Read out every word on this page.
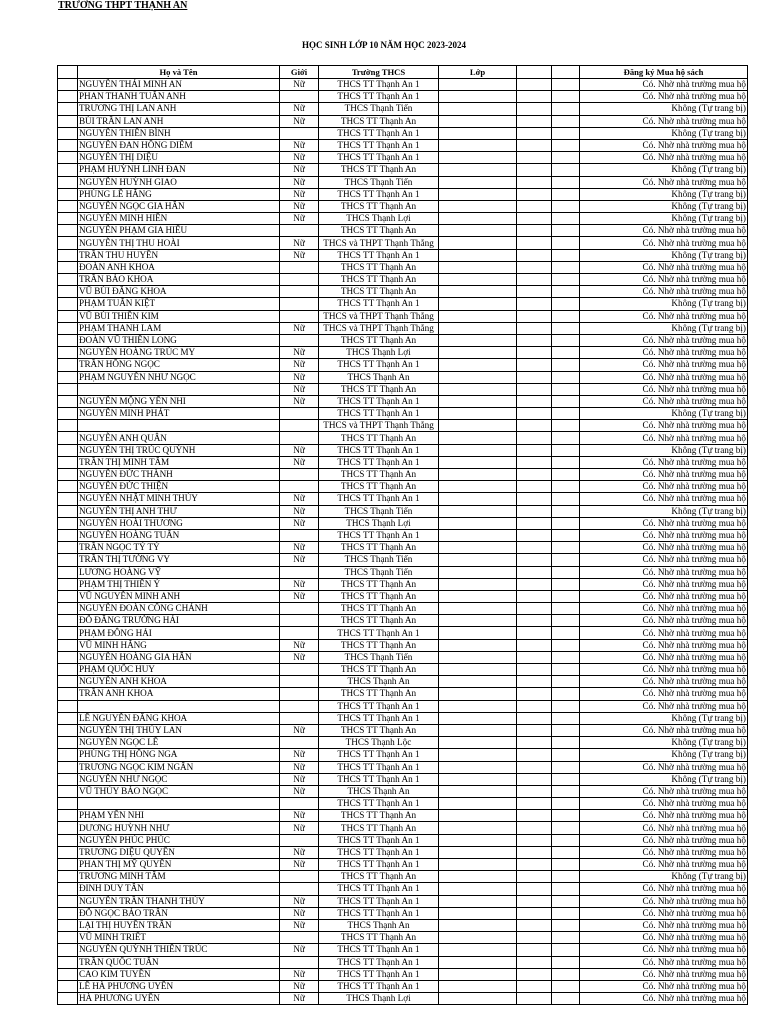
TRƯỜNG THPT THẠNH AN
HỌC SINH LỚP 10 NĂM HỌC 2023-2024
	Họ và Tên	Giới	Trường THCS	Lớp			Đăng ký Mua hộ sách
	NGUYỄN THÁI MINH AN	Nữ	THCS TT Thạnh An 1				Có. Nhờ nhà trường mua hộ
	PHAN THANH TUẤN ANH		THCS TT Thạnh An 1				Có. Nhờ nhà trường mua hộ
	TRƯƠNG THỊ LAN ANH	Nữ	THCS Thạnh Tiến				Không (Tự trang bị)
	BÙI TRẦN LAN ANH	Nữ	THCS TT Thạnh An				Có. Nhờ nhà trường mua hộ
	NGUYỄN THIÊN BÌNH		THCS TT Thạnh An 1				Không (Tự trang bị)
	NGUYỄN ĐAN HỒNG DIỄM	Nữ	THCS TT Thạnh An 1				Có. Nhờ nhà trường mua hộ
	NGUYỄN THỊ DIỆU	Nữ	THCS TT Thạnh An 1				Có. Nhờ nhà trường mua hộ
	PHẠM HUỲNH LINH ĐAN	Nữ	THCS TT Thạnh An				Không (Tự trang bị)
	NGUYỄN HUỲNH GIAO	Nữ	THCS Thạnh Tiến				Có. Nhờ nhà trường mua hộ
	PHÙNG LÊ HẰNG	Nữ	THCS TT Thạnh An 1				Không (Tự trang bị)
	NGUYỄN NGỌC GIA HÂN	Nữ	THCS TT Thạnh An				Không (Tự trang bị)
	NGUYỄN MINH HIỀN	Nữ	THCS Thạnh Lợi				Không (Tự trang bị)
	NGUYỄN PHẠM GIA HIẾU		THCS TT Thạnh An				Có. Nhờ nhà trường mua hộ
	NGUYỄN THỊ THU HOÀI	Nữ	THCS và THPT Thạnh Thắng				Có. Nhờ nhà trường mua hộ
	TRẦN THU HUYỀN	Nữ	THCS TT Thạnh An 1				Không (Tự trang bị)
	ĐOÀN ANH KHOA		THCS TT Thạnh An				Có. Nhờ nhà trường mua hộ
	TRẦN BẢO KHOA		THCS TT Thạnh An				Có. Nhờ nhà trường mua hộ
	VŨ BÙI ĐĂNG KHOA		THCS TT Thạnh An				Có. Nhờ nhà trường mua hộ
	PHẠM TUẤN KIỆT		THCS TT Thạnh An 1				Không (Tự trang bị)
	VŨ BÙI THIÊN KIM		THCS và THPT Thạnh Thắng				Có. Nhờ nhà trường mua hộ
	PHẠM THANH LAM	Nữ	THCS và THPT Thạnh Thắng				Không (Tự trang bị)
	ĐOÀN VŨ THIÊN LONG		THCS TT Thạnh An				Có. Nhờ nhà trường mua hộ
	NGUYỄN HOÀNG TRÚC MY	Nữ	THCS Thạnh Lợi				Có. Nhờ nhà trường mua hộ
	TRẦN HỒNG NGỌC	Nữ	THCS TT Thạnh An 1				Có. Nhờ nhà trường mua hộ
	PHẠM NGUYỄN NHƯ NGỌC	Nữ	THCS Thạnh An				Có. Nhờ nhà trường mua hộ
		Nữ	THCS TT Thạnh An				Có. Nhờ nhà trường mua hộ
	NGUYỄN MỘNG YẾN NHI	Nữ	THCS TT Thạnh An 1				Có. Nhờ nhà trường mua hộ
	NGUYỄN MINH PHÁT		THCS TT Thạnh An 1				Không (Tự trang bị)
			THCS và THPT Thạnh Thắng				Có. Nhờ nhà trường mua hộ
	NGUYỄN ANH QUÂN		THCS TT Thạnh An				Có. Nhờ nhà trường mua hộ
	NGUYỄN THỊ TRÚC QUỲNH	Nữ	THCS TT Thạnh An 1				Không (Tự trang bị)
	TRẦN THỊ MINH TÂM	Nữ	THCS TT Thạnh An 1				Có. Nhờ nhà trường mua hộ
	NGUYỄN ĐỨC THÀNH		THCS TT Thạnh An				Có. Nhờ nhà trường mua hộ
	NGUYỄN ĐỨC THIỆN		THCS TT Thạnh An				Có. Nhờ nhà trường mua hộ
	NGUYỄN NHẬT MINH THỦY	Nữ	THCS TT Thạnh An 1				Có. Nhờ nhà trường mua hộ
	NGUYỄN THỊ ANH THƯ	Nữ	THCS Thạnh Tiến				Không (Tự trang bị)
	NGUYỄN HOÀI THƯƠNG	Nữ	THCS Thạnh Lợi				Có. Nhờ nhà trường mua hộ
	NGUYỄN HOÀNG TUẤN		THCS TT Thạnh An 1				Có. Nhờ nhà trường mua hộ
	TRẦN NGỌC TỶ TỶ	Nữ	THCS TT Thạnh An				Có. Nhờ nhà trường mua hộ
	TRẦN THỊ TƯỜNG VY	Nữ	THCS Thạnh Tiến				Có. Nhờ nhà trường mua hộ
	LƯƠNG HOÀNG VỸ		THCS Thạnh Tiến				Có. Nhờ nhà trường mua hộ
	PHẠM THỊ THIÊN Ý	Nữ	THCS TT Thạnh An				Có. Nhờ nhà trường mua hộ
	VŨ NGUYỄN MINH ANH	Nữ	THCS TT Thạnh An				Có. Nhờ nhà trường mua hộ
	NGUYỄN ĐOÀN CÔNG CHÁNH		THCS TT Thạnh An				Có. Nhờ nhà trường mua hộ
	ĐỖ ĐĂNG TRƯỜNG HẢI		THCS TT Thạnh An				Có. Nhờ nhà trường mua hộ
	PHẠM ĐÔNG HẢI		THCS TT Thạnh An 1				Có. Nhờ nhà trường mua hộ
	VŨ MINH HẰNG	Nữ	THCS TT Thạnh An				Có. Nhờ nhà trường mua hộ
	NGUYỄN HOÀNG GIA HÂN	Nữ	THCS Thạnh Tiến				Có. Nhờ nhà trường mua hộ
	PHẠM QUỐC HUY		THCS TT Thạnh An				Có. Nhờ nhà trường mua hộ
	NGUYỄN ANH KHOA		THCS Thạnh An				Có. Nhờ nhà trường mua hộ
	TRẦN ANH KHOA		THCS TT Thạnh An				Có. Nhờ nhà trường mua hộ
			THCS TT Thạnh An 1				Có. Nhờ nhà trường mua hộ
	LÊ NGUYỄN ĐĂNG KHOA		THCS TT Thạnh An 1				Không (Tự trang bị)
	NGUYỄN THỊ THÚY LAN	Nữ	THCS TT Thạnh An				Có. Nhờ nhà trường mua hộ
	NGUYỄN NGỌC LỄ		THCS Thạnh Lộc				Không (Tự trang bị)
	PHÙNG THỊ HỒNG NGA	Nữ	THCS TT Thạnh An 1				Không (Tự trang bị)
	TRƯƠNG NGỌC KIM NGÂN	Nữ	THCS TT Thạnh An 1				Có. Nhờ nhà trường mua hộ
	NGUYỄN NHƯ NGỌC	Nữ	THCS TT Thạnh An 1				Không (Tự trang bị)
	VŨ THỦY BẢO NGỌC	Nữ	THCS Thạnh An				Có. Nhờ nhà trường mua hộ
			THCS TT Thạnh An 1				Có. Nhờ nhà trường mua hộ
	PHẠM YẾN NHI	Nữ	THCS TT Thạnh An				Có. Nhờ nhà trường mua hộ
	DƯƠNG HUỲNH NHƯ	Nữ	THCS TT Thạnh An				Có. Nhờ nhà trường mua hộ
	NGUYỄN PHÚC PHÚC		THCS TT Thạnh An 1				Có. Nhờ nhà trường mua hộ
	TRƯƠNG DIỆU QUYÊN	Nữ	THCS TT Thạnh An 1				Có. Nhờ nhà trường mua hộ
	PHAN THỊ MỸ QUYÊN	Nữ	THCS TT Thạnh An 1				Có. Nhờ nhà trường mua hộ
	TRƯƠNG MINH TÂM		THCS TT Thạnh An				Không (Tự trang bị)
	ĐINH DUY TÂN		THCS TT Thạnh An 1				Có. Nhờ nhà trường mua hộ
	NGUYỄN TRẦN THANH THỦY	Nữ	THCS TT Thạnh An 1				Có. Nhờ nhà trường mua hộ
	ĐỖ NGỌC BẢO TRÂN	Nữ	THCS TT Thạnh An 1				Có. Nhờ nhà trường mua hộ
	LẠI THỊ HUYỀN TRÂN	Nữ	THCS Thạnh An				Có. Nhờ nhà trường mua hộ
	VŨ MINH TRIẾT		THCS TT Thạnh An				Có. Nhờ nhà trường mua hộ
	NGUYỄN QUỲNH THIÊN TRÚC	Nữ	THCS TT Thạnh An 1				Có. Nhờ nhà trường mua hộ
	TRẦN QUỐC TUẤN		THCS TT Thạnh An 1				Có. Nhờ nhà trường mua hộ
	CAO KIM TUYỀN	Nữ	THCS TT Thạnh An 1				Có. Nhờ nhà trường mua hộ
	LÊ HÀ PHƯƠNG UYÊN	Nữ	THCS TT Thạnh An 1				Có. Nhờ nhà trường mua hộ
	HÀ PHƯƠNG UYÊN	Nữ	THCS Thạnh Lợi				Có. Nhờ nhà trường mua hộ
